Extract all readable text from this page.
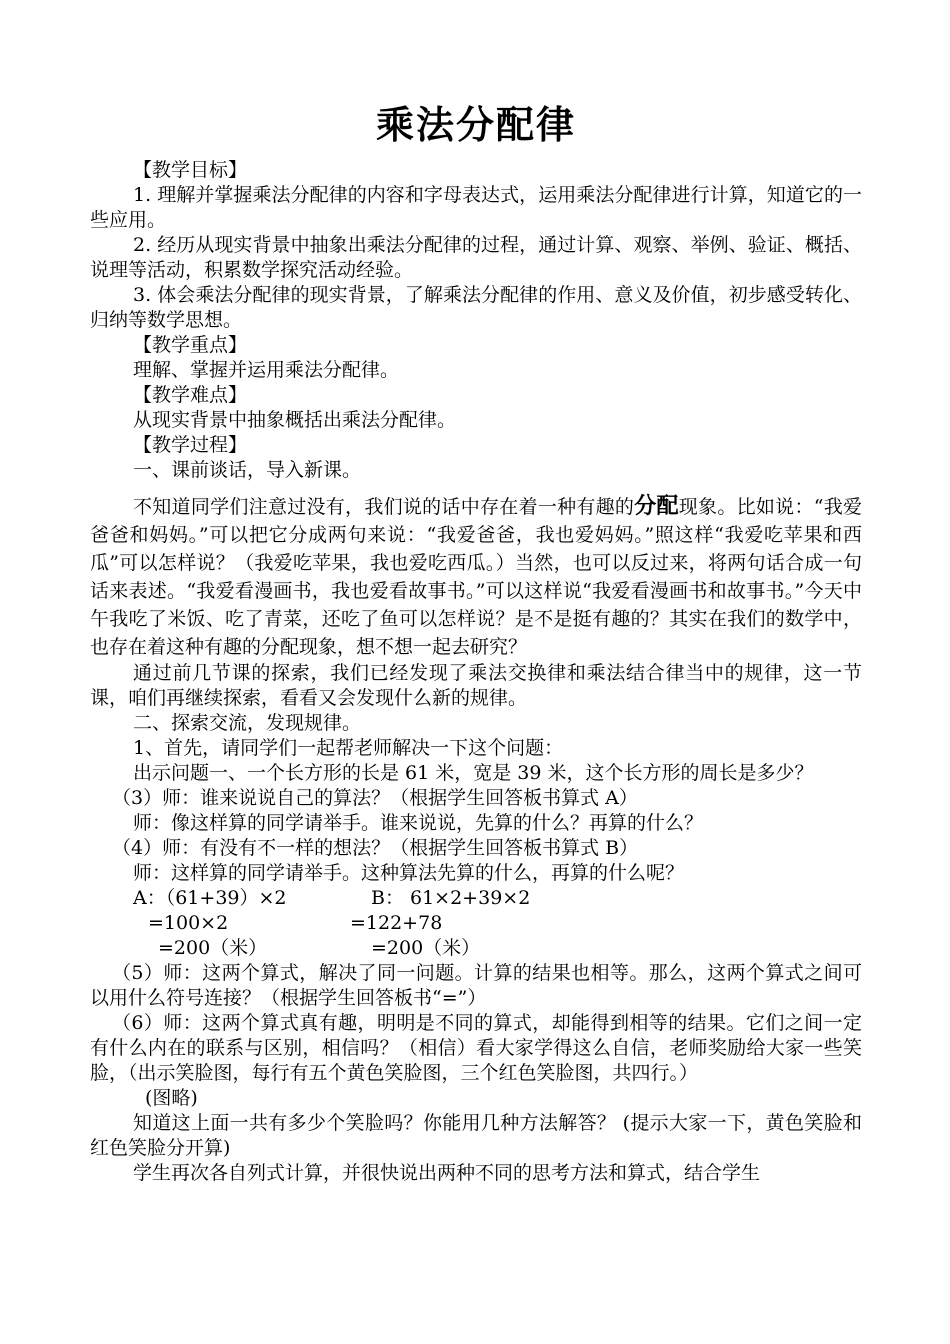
乘法分配律

【教学目标】

1. 理解并掌握乘法分配律的内容和字母表达式，运用乘法分配律进行计算，知道它的一些应用。

2. 经历从现实背景中抽象出乘法分配律的过程，通过计算、观察、举例、验证、概括、说理等活动，积累数学探究活动经验。

3. 体会乘法分配律的现实背景，了解乘法分配律的作用、意义及价值，初步感受转化、归纳等数学思想。

【教学重点】

理解、掌握并运用乘法分配律。

【教学难点】

从现实背景中抽象概括出乘法分配律。

【教学过程】

一、课前谈话，导入新课。

不知道同学们注意过没有，我们说的话中存在着一种有趣的分配现象。比如说：“我爱爸爸和妈妈。”可以把它分成两句来说：“我爱爸爸，我也爱妈妈。”照这样“我爱吃苹果和西瓜”可以怎样说？（我爱吃苹果，我也爱吃西瓜。）当然，也可以反过来，将两句话合成一句话来表述。“我爱看漫画书，我也爱看故事书。”可以这样说“我爱看漫画书和故事书。”今天中午我吃了米饭、吃了青菜，还吃了鱼可以怎样说？是不是挺有趣的？其实在我们的数学中，也存在着这种有趣的分配现象，想不想一起去研究？

通过前几节课的探索，我们已经发现了乘法交换律和乘法结合律当中的规律，这一节课，咱们再继续探索，看看又会发现什么新的规律。

二、探索交流，发现规律。

1、首先，请同学们一起帮老师解决一下这个问题：

出示问题一、一个长方形的长是 61 米，宽是 39 米，这个长方形的周长是多少？

（3）师：谁来说说自己的算法？（根据学生回答板书算式 A）

师：像这样算的同学请举手。谁来说说，先算的什么？再算的什么？

（4）师：有没有不一样的想法？（根据学生回答板书算式 B）

师：这样算的同学请举手。这种算法先算的什么，再算的什么呢？

A：（61+39）×2	B： 61×2+39×2
=100×2	=122+78
=200（米）	=200（米）

（5）师：这两个算式，解决了同一问题。计算的结果也相等。那么，这两个算式之间可以用什么符号连接？（根据学生回答板书“=”）

（6）师：这两个算式真有趣，明明是不同的算式，却能得到相等的结果。它们之间一定有什么内在的联系与区别，相信吗？（相信）看大家学得这么自信，老师奖励给大家一些笑脸，（出示笑脸图，每行有五个黄色笑脸图，三个红色笑脸图，共四行。）

(图略)

知道这上面一共有多少个笑脸吗？你能用几种方法解答？ (提示大家一下，黄色笑脸和红色笑脸分开算)

学生再次各自列式计算，并很快说出两种不同的思考方法和算式，结合学生
